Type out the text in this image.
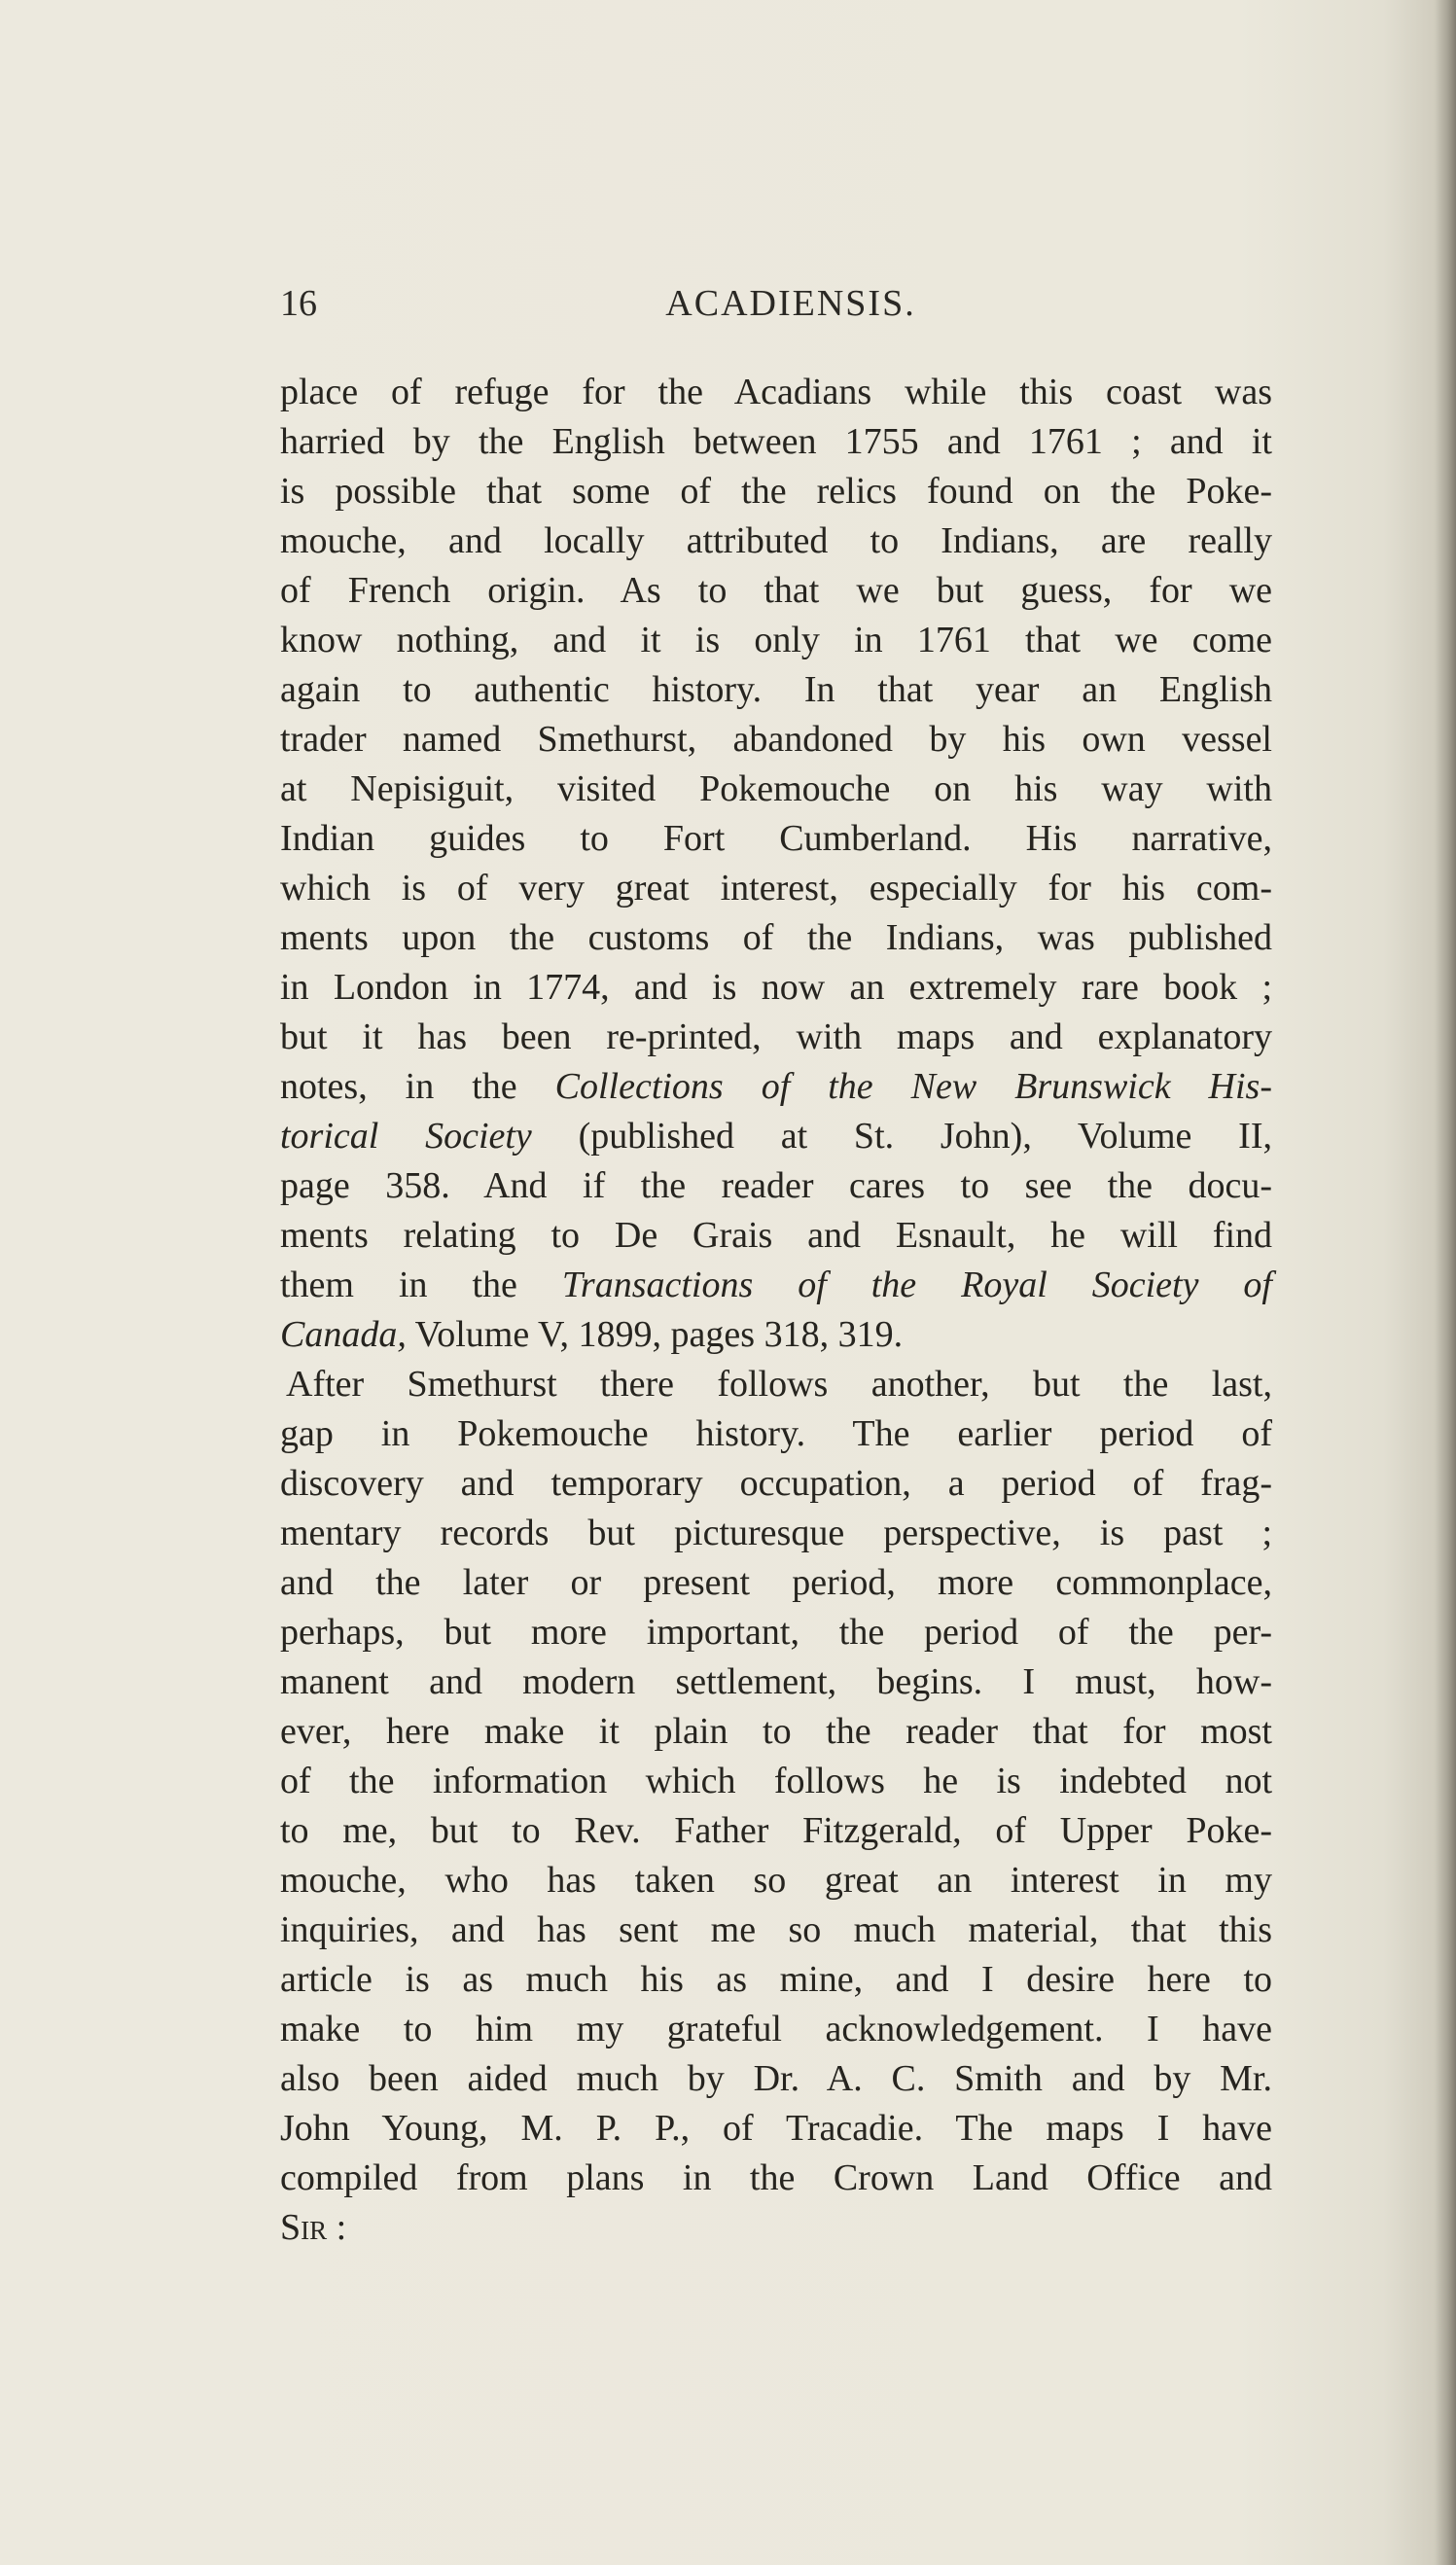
16	ACADIENSIS.
place of refuge for the Acadians while this coast was
harried by the English between 1755 and 1761 ; and it
is possible that some of the relics found on the Poke-
mouche, and locally attributed to Indians, are really
of French origin. As to that we but guess, for we
know nothing, and it is only in 1761 that we come
again to authentic history. In that year an English
trader named Smethurst, abandoned by his own vessel
at Nepisiguit, visited Pokemouche on his way with
Indian guides to Fort Cumberland. His narrative,
which is of very great interest, especially for his com-
ments upon the customs of the Indians, was published
in London in 1774, and is now an extremely rare book ;
but it has been re-printed, with maps and explanatory
notes, in the Collections of the New Brunswick His-
torical Society (published at St. John), Volume II,
page 358. And if the reader cares to see the docu-
ments relating to De Grais and Esnault, he will find
them in the Transactions of the Royal Society of
Canada, Volume V, 1899, pages 318, 319.
After Smethurst there follows another, but the last,
gap in Pokemouche history. The earlier period of
discovery and temporary occupation, a period of frag-
mentary records but picturesque perspective, is past ;
and the later or present period, more commonplace,
perhaps, but more important, the period of the per-
manent and modern settlement, begins. I must, how-
ever, here make it plain to the reader that for most
of the information which follows he is indebted not
to me, but to Rev. Father Fitzgerald, of Upper Poke-
mouche, who has taken so great an interest in my
inquiries, and has sent me so much material, that this
article is as much his as mine, and I desire here to
make to him my grateful acknowledgement. I have
also been aided much by Dr. A. C. Smith and by Mr.
John Young, M. P. P., of Tracadie. The maps I have
compiled from plans in the Crown Land Office and
Sir :
